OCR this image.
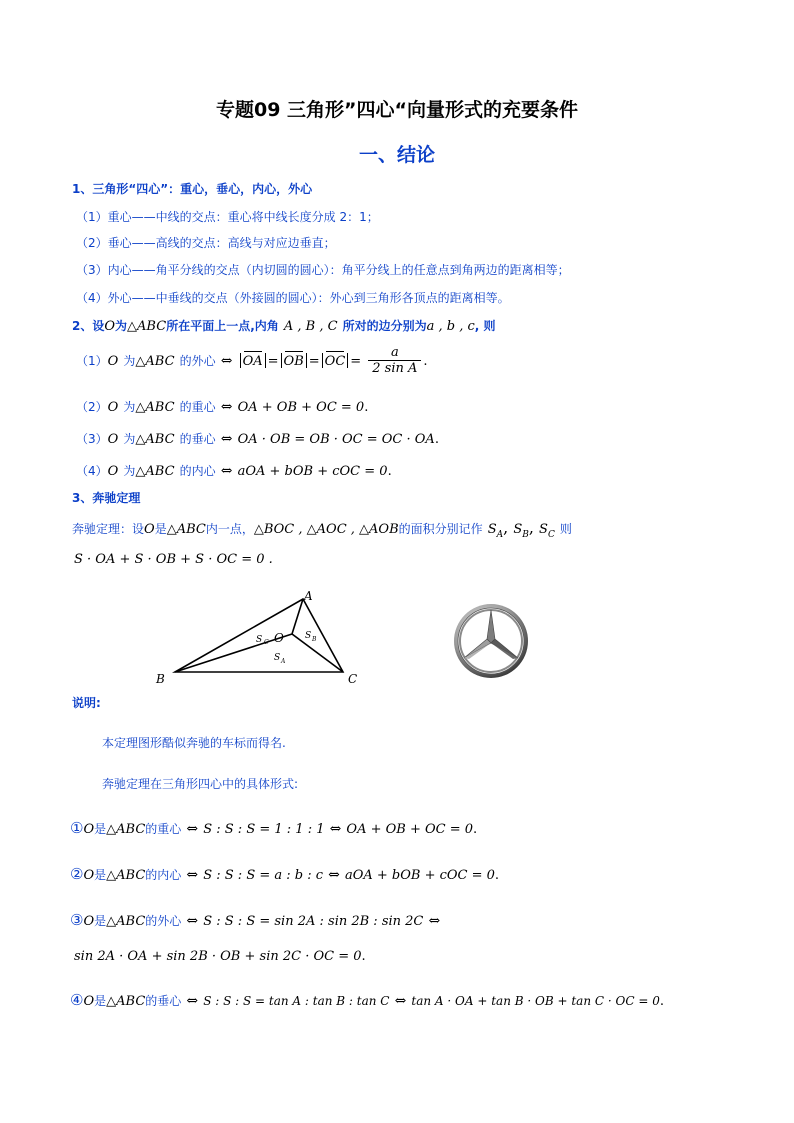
专题09 三角形”四心“向量形式的充要条件
一、结论
1、三角形“四心”：重心，垂心，内心，外心
（1）重心——中线的交点：重心将中线长度分成 2：1；
（2）垂心——高线的交点：高线与对应边垂直；
（3）内心——角平分线的交点（内切圆的圆心）：角平分线上的任意点到角两边的距离相等；
（4）外心——中垂线的交点（外接圆的圆心）：外心到三角形各顶点的距离相等。
2、设O为△ABC所在平面上一点,内角 A , B , C 所对的边分别为a , b , c, 则
（1）O 为△ABC 的外心 ⇔ OA = OB = OC = $\frac{a}{\text{2 sin A}}$ .
（2）O 为△ABC 的重心 ⇔ OA + OB + OC = 0.
（3）O 为△ABC 的垂心 ⇔ OA · OB = OB · OC = OC · OA.
（4）O 为△ABC 的内心 ⇔ aOA + bOB + cOC = 0.
3、奔驰定理
奔驰定理：设O是△ABC内一点，△BOC , △AOC , △AOB的面积分别记作 $S_A$, $S_B$, $S_C$ 则
S · OA + S · OB + S · OC = 0 .
A
B	C
O
S C
S B
S A
说明:
本定理图形酷似奔驰的车标而得名.
奔驰定理在三角形四心中的具体形式:
①O是△ABC的重心 ⇔ S : S : S = 1 : 1 : 1 ⇔ OA + OB + OC = 0.
②O是△ABC的内心 ⇔ S : S : S = a : b : c ⇔ aOA + bOB + cOC = 0.
③O是△ABC的外心 ⇔ S : S : S = sin 2A : sin 2B : sin 2C ⇔
sin 2A · OA + sin 2B · OB + sin 2C · OC = 0.
④O是△ABC的垂心 ⇔ S : S : S = tan A : tan B : tan C ⇔ tan A · OA + tan B · OB + tan C · OC = 0.
